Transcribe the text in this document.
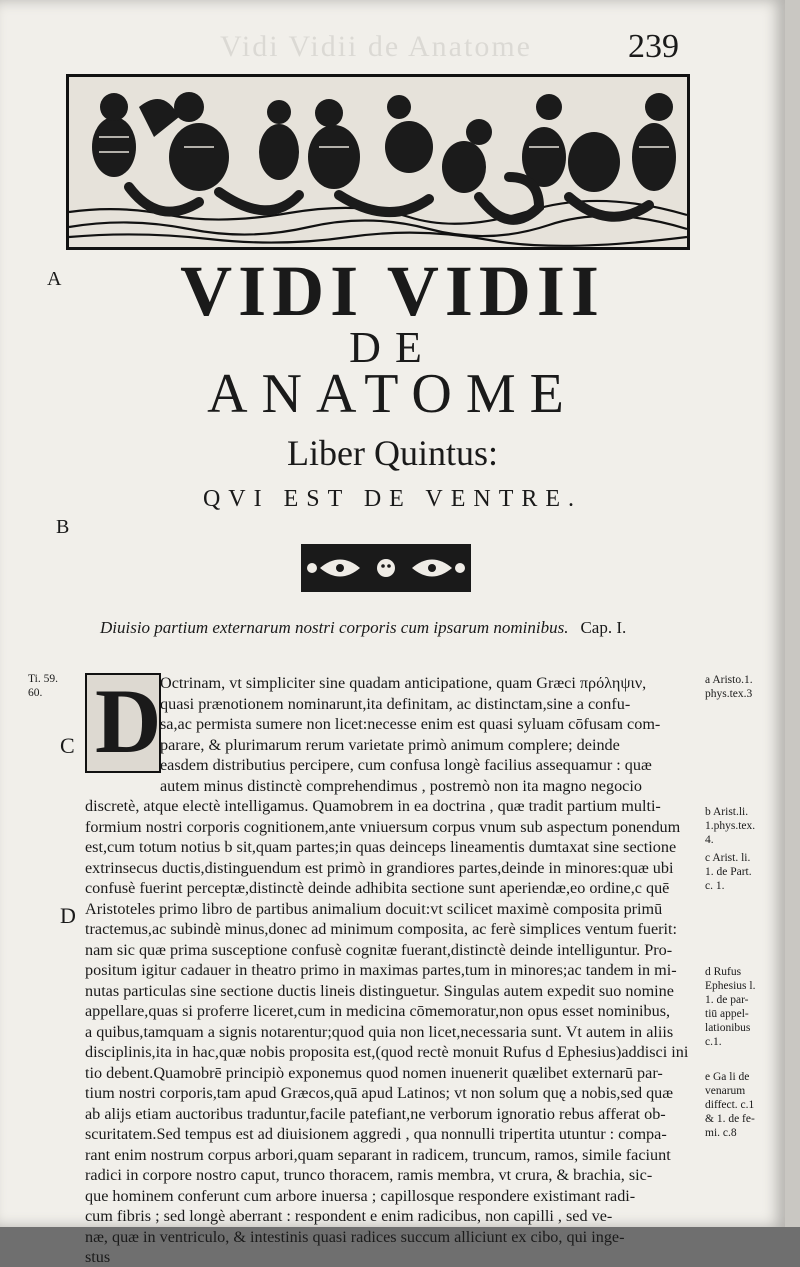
Vidi Vidii de Anatome	239
A
B
C
D
VIDI VIDII
DE
ANATOME
Liber Quintus:
QVI EST DE VENTRE.
Diuisio partium externarum nostri corporis cum ipsarum nominibus. Cap. I.
Ti. 59.
60. D
Octrinam, vt simpliciter sine quadam anticipatione, quam Græci πρόληψιν,
quasi prænotionem nominarunt,ita definitam, ac distinctam,sine a confu-
sa,ac permista sumere non licet:necesse enim est quasi syluam cōfusam com-
parare, & plurimarum rerum varietate primò animum complere; deinde
easdem distributius percipere, cum confusa longè facilius assequamur : quæ
autem minus distinctè comprehendimus , postremò non ita magno negocio
discretè, atque electè intelligamus. Quamobrem in ea doctrina , quæ tradit partium multi-
formium nostri corporis cognitionem,ante vniuersum corpus vnum sub aspectum ponendum
est,cum totum notius b sit,quam partes;in quas deinceps lineamentis dumtaxat sine sectione
extrinsecus ductis,distinguendum est primò in grandiores partes,deinde in minores:quæ ubi
confusè fuerint perceptæ,distinctè deinde adhibita sectione sunt aperiendæ,eo ordine,c quē
Aristoteles primo libro de partibus animalium docuit:vt scilicet maximè composita primū
tractemus,ac subindè minus,donec ad minimum composita, ac ferè simplices ventum fuerit:
nam sic quæ prima susceptione confusè cognitæ fuerant,distinctè deinde intelliguntur. Pro-
positum igitur cadauer in theatro primo in maximas partes,tum in minores;ac tandem in mi-
nutas particulas sine sectione ductis lineis distinguetur. Singulas autem expedit suo nomine
appellare,quas si proferre liceret,cum in medicina cōmemoratur,non opus esset nominibus,
a quibus,tamquam a signis notarentur;quod quia non licet,necessaria sunt. Vt autem in aliis
disciplinis,ita in hac,quæ nobis proposita est,(quod rectè monuit Rufus d Ephesius)addisci ini
tio debent.Quamobrē principiò exponemus quod nomen inuenerit quælibet externarū par-
tium nostri corporis,tam apud Græcos,quā apud Latinos; vt non solum quę a nobis,sed quæ
ab alijs etiam auctoribus traduntur,facile patefiant,ne verborum ignoratio rebus afferat ob-
scuritatem.Sed tempus est ad diuisionem aggredi , qua nonnulli tripertita utuntur : compa-
rant enim nostrum corpus arbori,quam separant in radicem, truncum, ramos, simile faciunt
radici in corpore nostro caput, trunco thoracem, ramis membra, vt crura, & brachia, sic-
que hominem conferunt cum arbore inuersa ; capillosque respondere existimant radi-
cum fibris ; sed longè aberrant : respondent e enim radicibus, non capilli , sed ve-
næ, quæ in ventriculo, & intestinis quasi radices succum alliciunt ex cibo, qui inge-
stus
a Aristo.1.
phys.tex.3
b Arist.li.
1.phys.tex.
4.
c Arist. li.
1. de Part.
c. 1.
d Rufus
Ephesius l.
1. de par-
tiū appel-
lationibus
c.1.
e Ga li de
venarum
diffect. c.1
& 1. de fe-
mi. c.8
